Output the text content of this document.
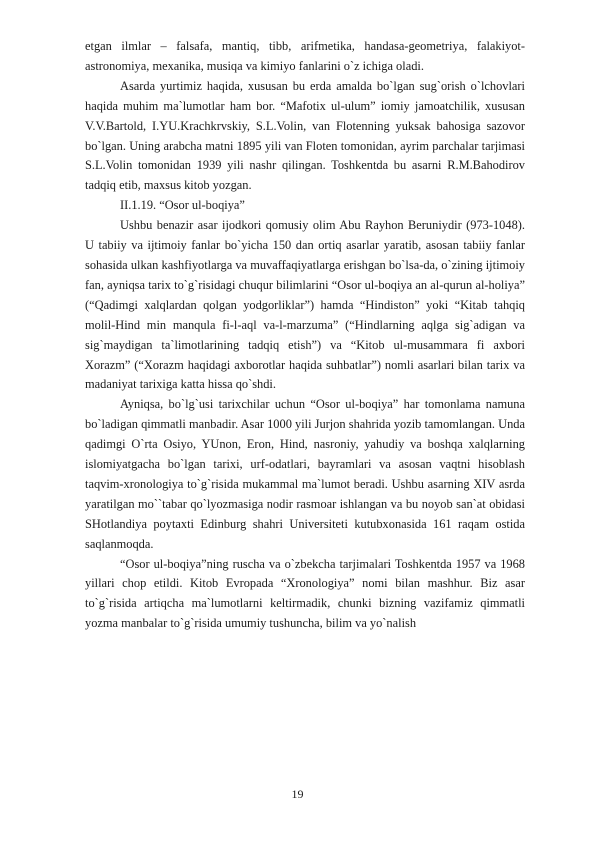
etgan ilmlar – falsafa, mantiq, tibb, arifmetika, handasa-geometriya, falakiyot-astronomiya, mexanika, musiqa va kimiyo fanlarini o`z ichiga oladi.

Asarda yurtimiz haqida, xususan bu erda amalda bo`lgan sug`orish o`lchovlari haqida muhim ma`lumotlar ham bor. “Mafotix ul-ulum” iomiy jamoatchilik, xususan V.V.Bartold, I.YU.Krachkrvskiy, S.L.Volin, van Flotenning yuksak bahosiga sazovor bo`lgan. Uning arabcha matni 1895 yili van Floten tomonidan, ayrim parchalar tarjimasi S.L.Volin tomonidan 1939 yili nashr qilingan. Toshkentda bu asarni R.M.Bahodirov tadqiq etib, maxsus kitob yozgan.

II.1.19. “Osor ul-boqiya”

Ushbu benazir asar ijodkori qomusiy olim Abu Rayhon Beruniydir (973-1048). U tabiiy va ijtimoiy fanlar bo`yicha 150 dan ortiq asarlar yaratib, asosan tabiiy fanlar sohasida ulkan kashfiyotlarga va muvaffaqiyatlarga erishgan bo`lsa-da, o`zining ijtimoiy fan, ayniqsa tarix to`g`risidagi chuqur bilimlarini “Osor ul-boqiya an al-qurun al-holiya” (“Qadimgi xalqlardan qolgan yodgorliklar”) hamda “Hindiston” yoki “Kitab tahqiq molil-Hind min manqula fi-l-aql va-l-marzuma” (“Hindlarning aqlga sig`adigan va sig`maydigan ta`limotlarining tadqiq etish”) va “Kitob ul-musammara fi axbori Xorazm” (“Xorazm haqidagi axborotlar haqida suhbatlar”) nomli asarlari bilan tarix va madaniyat tarixiga katta hissa qo`shdi.

Ayniqsa, bo`lg`usi tarixchilar uchun “Osor ul-boqiya” har tomonlama namuna bo`ladigan qimmatli manbadir. Asar 1000 yili Jurjon shahrida yozib tamomlangan. Unda qadimgi O`rta Osiyo, YUnon, Eron, Hind, nasroniy, yahudiy va boshqa xalqlarning islomiyatgacha bo`lgan tarixi, urf-odatlari, bayramlari va asosan vaqtni hisoblash taqvim-xronologiya to`g`risida mukammal ma`lumot beradi. Ushbu asarning XIV asrda yaratilgan mo``tabar qo`lyozmasiga nodir rasmoar ishlangan va bu noyob san`at obidasi SHotlandiya poytaxti Edinburg shahri Universiteti kutubxonasida 161 raqam ostida saqlanmoqda.

“Osor ul-boqiya”ning ruscha va o`zbekcha tarjimalari Toshkentda 1957 va 1968 yillari chop etildi. Kitob Evropada “Xronologiya” nomi bilan mashhur. Biz asar to`g`risida artiqcha ma`lumotlarni keltirmadik, chunki bizning vazifamiz qimmatli yozma manbalar to`g`risida umumiy tushuncha, bilim va yo`nalish

19
